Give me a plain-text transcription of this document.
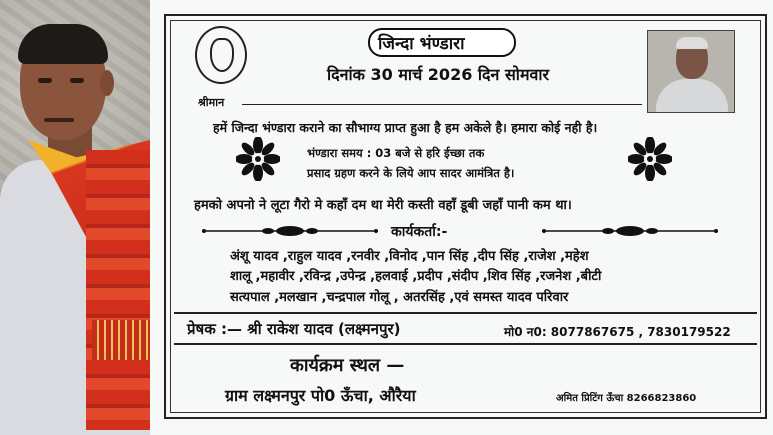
जिन्दा भंण्डारा
दिनांक 30 मार्च 2026 दिन सोमवार
श्रीमान
हमें जिन्दा भंण्डारा कराने का सौभाग्य प्राप्त हुआ है हम अकेले है। हमारा कोई नही है।
भंण्डारा समय : 03 बजे से हरि ईच्छा तक
प्रसाद ग्रहण करने के लिये आप सादर आमंत्रित है।
हमको अपनो ने लूटा गैरो मे कहाँ दम था मेरी कस्ती वहाँ डूबी जहाँ पानी कम था।
कार्यकर्ता:-
अंशू यादव ,राहुल यादव ,रनवीर ,विनोद ,पान सिंह ,दीप सिंह ,राजेश ,महेश
शालू ,महावीर ,रविन्द्र ,उपेन्द्र ,हलवाई ,प्रदीप ,संदीप ,शिव सिंह ,रजनेश ,बीटी
सत्यपाल ,मलखान ,चन्द्रपाल गोलू , अतरसिंह ,एवं समस्त यादव परिवार
प्रेषक :— श्री राकेश यादव (लक्ष्मनपुर)	मो0 न0: 8077867675 , 7830179522
कार्यक्रम स्थल —
ग्राम लक्ष्मनपुर पो0 ऊँचा, औरैया	अमित प्रिटिंग ऊँचा 8266823860
